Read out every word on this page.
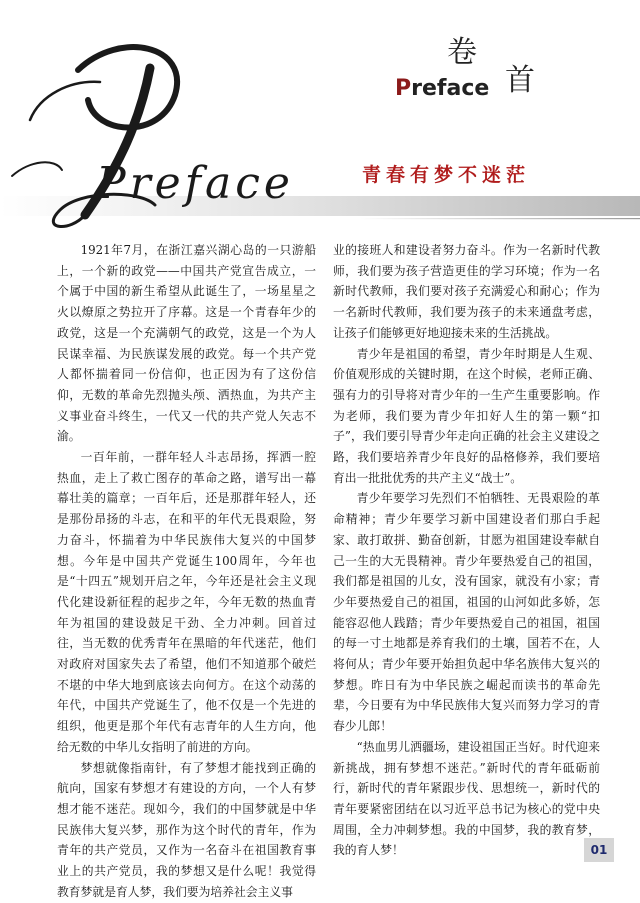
Preface
卷
首
Preface
青春有梦不迷茫

1921年7月，在浙江嘉兴湖心岛的一只游船上，一个新的政党——中国共产党宣告成立，一个属于中国的新生希望从此诞生了，一场星星之火以燎原之势拉开了序幕。这是一个青春年少的政党，这是一个充满朝气的政党，这是一个为人民谋幸福、为民族谋发展的政党。每一个共产党人都怀揣着同一份信仰，也正因为有了这份信仰，无数的革命先烈抛头颅、洒热血，为共产主义事业奋斗终生，一代又一代的共产党人矢志不渝。

一百年前，一群年轻人斗志昂扬，挥洒一腔热血，走上了救亡图存的革命之路，谱写出一幕幕壮美的篇章；一百年后，还是那群年轻人，还是那份昂扬的斗志，在和平的年代无畏艰险，努力奋斗，怀揣着为中华民族伟大复兴的中国梦想。今年是中国共产党诞生100周年，今年也是“十四五”规划开启之年，今年还是社会主义现代化建设新征程的起步之年，今年无数的热血青年为祖国的建设鼓足干劲、全力冲刺。回首过往，当无数的优秀青年在黑暗的年代迷茫，他们对政府对国家失去了希望，他们不知道那个破烂不堪的中华大地到底该去向何方。在这个动荡的年代，中国共产党诞生了，他不仅是一个先进的组织，他更是那个年代有志青年的人生方向，他给无数的中华儿女指明了前进的方向。

梦想就像指南针，有了梦想才能找到正确的航向，国家有梦想才有建设的方向，一个人有梦想才能不迷茫。现如今，我们的中国梦就是中华民族伟大复兴梦，那作为这个时代的青年，作为青年的共产党员，又作为一名奋斗在祖国教育事业上的共产党员，我的梦想又是什么呢！我觉得教育梦就是育人梦，我们要为培养社会主义事

业的接班人和建设者努力奋斗。作为一名新时代教师，我们要为孩子营造更佳的学习环境；作为一名新时代教师，我们要对孩子充满爱心和耐心；作为一名新时代教师，我们要为孩子的未来通盘考虑，让孩子们能够更好地迎接未来的生活挑战。

青少年是祖国的希望，青少年时期是人生观、价值观形成的关键时期，在这个时候，老师正确、强有力的引导将对青少年的一生产生重要影响。作为老师，我们要为青少年扣好人生的第一颗“扣子”，我们要引导青少年走向正确的社会主义建设之路，我们要培养青少年良好的品格修养，我们要培育出一批批优秀的共产主义“战士”。

青少年要学习先烈们不怕牺牲、无畏艰险的革命精神；青少年要学习新中国建设者们那白手起家、敢打敢拼、勤奋创新，甘愿为祖国建设奉献自己一生的大无畏精神。青少年要热爱自己的祖国，我们都是祖国的儿女，没有国家，就没有小家；青少年要热爱自己的祖国，祖国的山河如此多娇，怎能容忍他人践踏；青少年要热爱自己的祖国，祖国的每一寸土地都是养育我们的土壤，国若不在，人将何从；青少年要开始担负起中华名族伟大复兴的梦想。昨日有为中华民族之崛起而读书的革命先辈，今日要有为中华民族伟大复兴而努力学习的青春少儿郎！

“热血男儿洒疆场，建设祖国正当好。时代迎来新挑战，拥有梦想不迷茫。”新时代的青年砥砺前行，新时代的青年紧跟步伐、思想统一，新时代的青年要紧密团结在以习近平总书记为核心的党中央周围，全力冲刺梦想。我的中国梦，我的教育梦，我的育人梦！	01
